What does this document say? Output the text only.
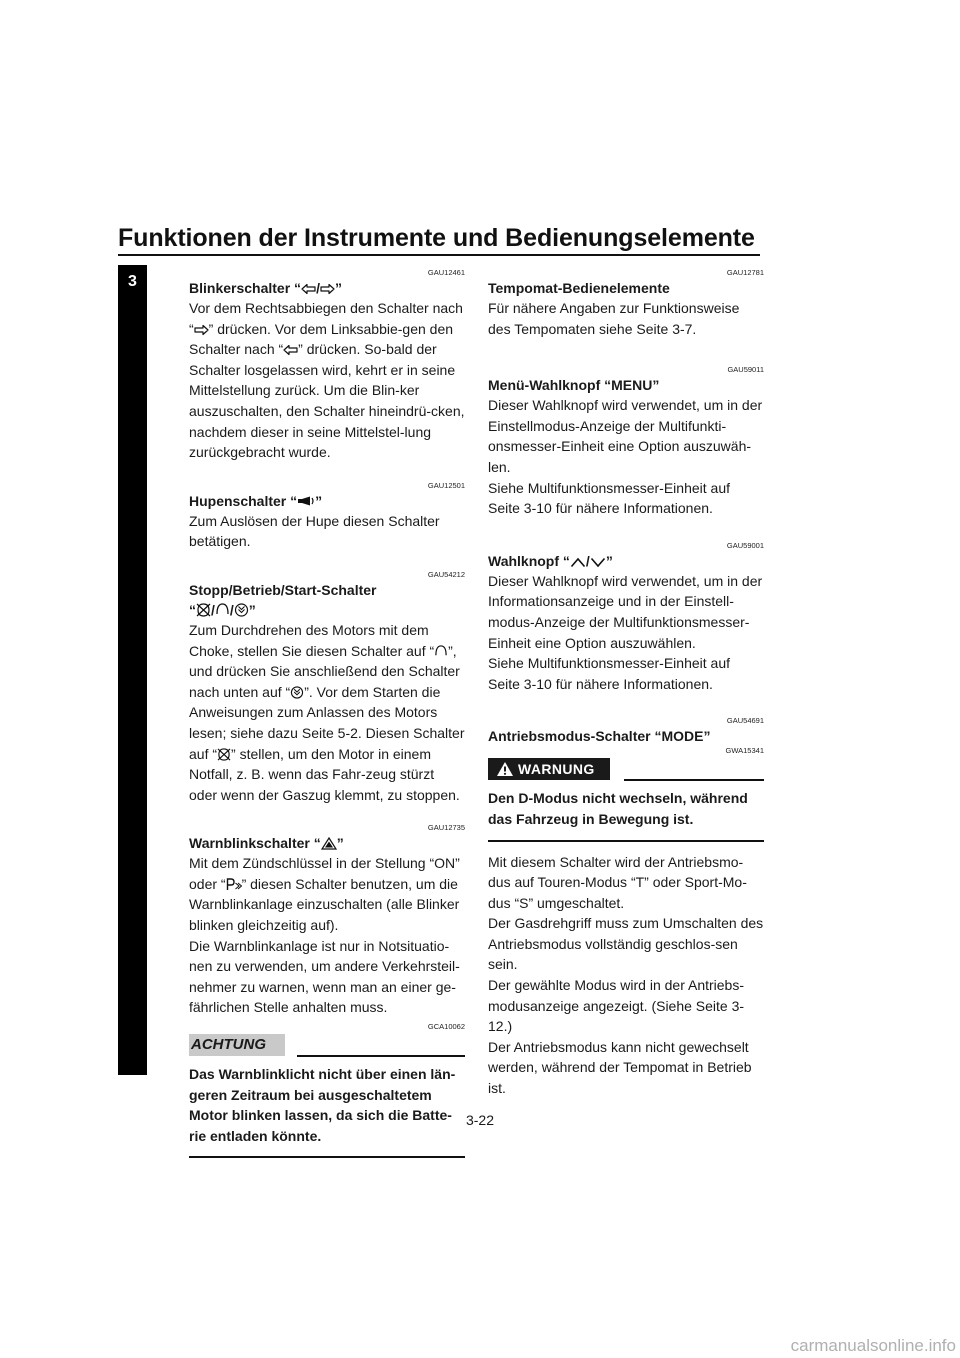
Funktionen der Instrumente und Bedienungselemente
3
GAU12461
Blinkerschalter “ / ”

Vor dem Rechtsabbiegen den Schalter nach “ ” drücken. Vor dem Linksabbie-gen den Schalter nach “ ” drücken. So-bald der Schalter losgelassen wird, kehrt er in seine Mittelstellung zurück. Um die Blin-ker auszuschalten, den Schalter hineindrü-cken, nachdem dieser in seine Mittelstel-lung zurückgebracht wurde.

GAU12501
Hupenschalter “ ”

Zum Auslösen der Hupe diesen Schalter betätigen.

GAU54212
Stopp/Betrieb/Start-Schalter
“ / / ”

Zum Durchdrehen des Motors mit dem Choke, stellen Sie diesen Schalter auf “ ”, und drücken Sie anschließend den Schalter nach unten auf “ ”. Vor dem Starten die Anweisungen zum Anlassen des Motors lesen; siehe dazu Seite 5-2. Diesen Schalter auf “ ” stellen, um den Motor in einem Notfall, z. B. wenn das Fahr-zeug stürzt oder wenn der Gaszug klemmt, zu stoppen.

GAU12735
Warnblinkschalter “ ”

Mit dem Zündschlüssel in der Stellung “ON” oder “ ” diesen Schalter benutzen, um die Warnblinkanlage einzuschalten (alle Blinker blinken gleichzeitig auf).

Die Warnblinkanlage ist nur in Notsituatio-nen zu verwenden, um andere Verkehrsteil-nehmer zu warnen, wenn man an einer ge-fährlichen Stelle anhalten muss.

GCA10062
ACHTUNG

Das Warnblinklicht nicht über einen län-geren Zeitraum bei ausgeschaltetem Motor blinken lassen, da sich die Batte-rie entladen könnte.

GAU12781
Tempomat-Bedienelemente

Für nähere Angaben zur Funktionsweise des Tempomaten siehe Seite 3-7.

GAU59011
Menü-Wahlknopf “MENU”

Dieser Wahlknopf wird verwendet, um in der Einstellmodus-Anzeige der Multifunkti-onsmesser-Einheit eine Option auszuwäh-len.

Siehe Multifunktionsmesser-Einheit auf Seite 3-10 für nähere Informationen.

GAU59001
Wahlknopf “ / ”

Dieser Wahlknopf wird verwendet, um in der Informationsanzeige und in der Einstell-modus-Anzeige der Multifunktionsmesser-Einheit eine Option auszuwählen.

Siehe Multifunktionsmesser-Einheit auf Seite 3-10 für nähere Informationen.

GAU54691
Antriebsmodus-Schalter “MODE”
GWA15341
WARNUNG

Den D-Modus nicht wechseln, während das Fahrzeug in Bewegung ist.

Mit diesem Schalter wird der Antriebsmo-dus auf Touren-Modus “T” oder Sport-Mo-dus “S” umgeschaltet.

Der Gasdrehgriff muss zum Umschalten des Antriebsmodus vollständig geschlos-sen sein.

Der gewählte Modus wird in der Antriebs-modusanzeige angezeigt. (Siehe Seite 3-12.)

Der Antriebsmodus kann nicht gewechselt werden, während der Tempomat in Betrieb ist.

3-22
carmanualsonline.info
